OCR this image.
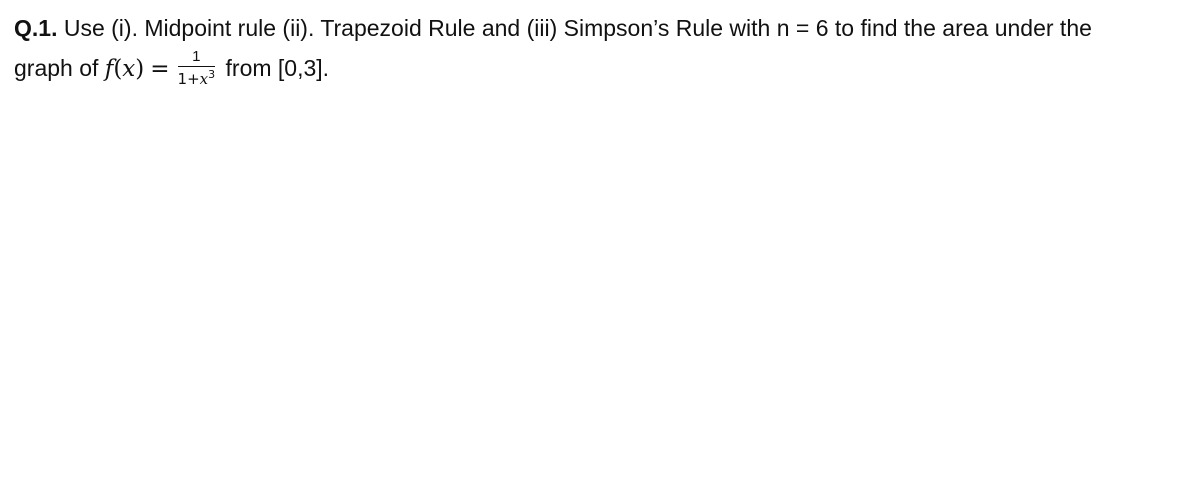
Q.1. Use (i). Midpoint rule (ii). Trapezoid Rule and (iii) Simpson’s Rule with n = 6 to find the area under the
graph of $f(x) = \frac{1}{1+x^3}$ from [0,3].
